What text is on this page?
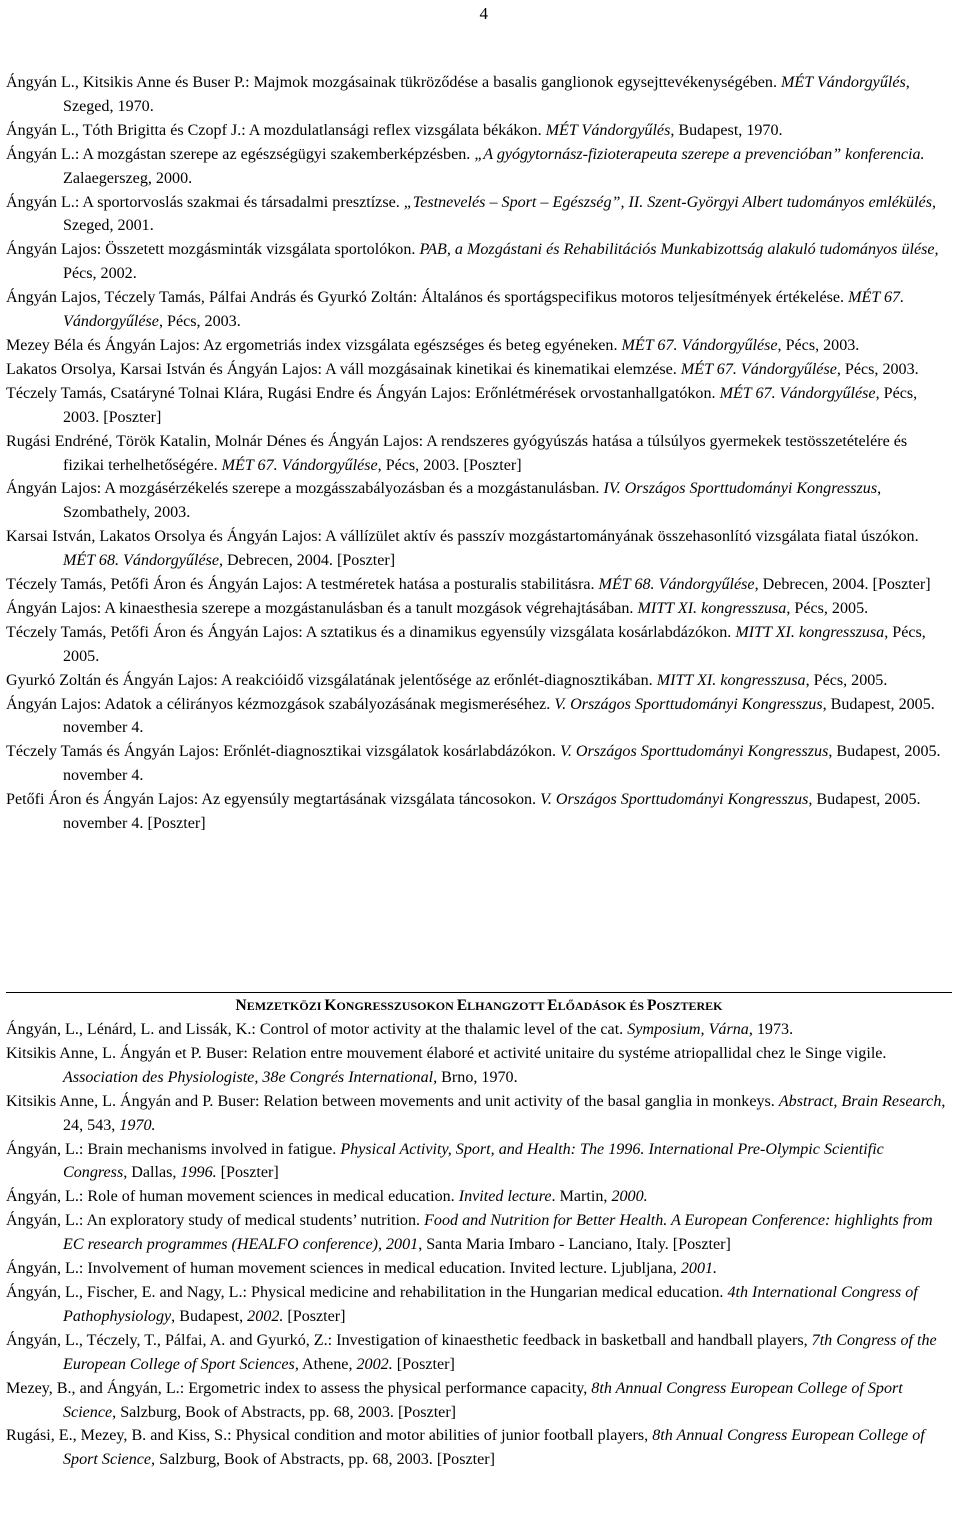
4

Ángyán L., Kitsikis Anne és Buser P.: Majmok mozgásainak tükröződése a basalis ganglionok egysejttevékenységében. MÉT Vándorgyűlés, Szeged, 1970.

Ángyán L., Tóth Brigitta és Czopf J.: A mozdulatlansági reflex vizsgálata békákon. MÉT Vándorgyűlés, Budapest, 1970.

Ángyán L.: A mozgástan szerepe az egészségügyi szakemberképzésben. „A gyógytornász-fizioterapeuta szerepe a prevencióban” konferencia. Zalaegerszeg, 2000.

Ángyán L.: A sportorvoslás szakmai és társadalmi presztízse. „Testnevelés – Sport – Egészség”, II. Szent-Györgyi Albert tudományos emlékülés, Szeged, 2001.

Ángyán Lajos: Összetett mozgásminták vizsgálata sportolókon. PAB, a Mozgástani és Rehabilitációs Munkabizottság alakuló tudományos ülése, Pécs, 2002.

Ángyán Lajos, Téczely Tamás, Pálfai András és Gyurkó Zoltán: Általános és sportágspecifikus motoros teljesítmények értékelése. MÉT 67. Vándorgyűlése, Pécs, 2003.

Mezey Béla és Ángyán Lajos: Az ergometriás index vizsgálata egészséges és beteg egyéneken. MÉT 67. Vándorgyűlése, Pécs, 2003.

Lakatos Orsolya, Karsai István és Ángyán Lajos: A váll mozgásainak kinetikai és kinematikai elemzése. MÉT 67. Vándorgyűlése, Pécs, 2003.

Téczely Tamás, Csatáryné Tolnai Klára, Rugási Endre és Ángyán Lajos: Erőnlétmérések orvostanhallgatókon. MÉT 67. Vándorgyűlése, Pécs, 2003. [Poszter]

Rugási Endréné, Török Katalin, Molnár Dénes és Ángyán Lajos: A rendszeres gyógyúszás hatása a túlsúlyos gyermekek testösszetételére és fizikai terhelhetőségére. MÉT 67. Vándorgyűlése, Pécs, 2003. [Poszter]

Ángyán Lajos: A mozgásérzékelés szerepe a mozgásszabályozásban és a mozgástanulásban. IV. Országos Sporttudományi Kongresszus, Szombathely, 2003.

Karsai István, Lakatos Orsolya és Ángyán Lajos: A vállízület aktív és passzív mozgástartományának összehasonlító vizsgálata fiatal úszókon. MÉT 68. Vándorgyűlése, Debrecen, 2004. [Poszter]

Téczely Tamás, Petőfi Áron és Ángyán Lajos: A testméretek hatása a posturalis stabilitásra. MÉT 68. Vándorgyűlése, Debrecen, 2004. [Poszter]

Ángyán Lajos: A kinaesthesia szerepe a mozgástanulásban és a tanult mozgások végrehajtásában. MITT XI. kongresszusa, Pécs, 2005.

Téczely Tamás, Petőfi Áron és Ángyán Lajos: A sztatikus és a dinamikus egyensúly vizsgálata kosárlabdázókon. MITT XI. kongresszusa, Pécs, 2005.

Gyurkó Zoltán és Ángyán Lajos: A reakcióidő vizsgálatának jelentősége az erőnlét-diagnosztikában. MITT XI. kongresszusa, Pécs, 2005.

Ángyán Lajos: Adatok a célirányos kézmozgások szabályozásának megismeréséhez. V. Országos Sporttudományi Kongresszus, Budapest, 2005. november 4.

Téczely Tamás és Ángyán Lajos: Erőnlét-diagnosztikai vizsgálatok kosárlabdázókon. V. Országos Sporttudományi Kongresszus, Budapest, 2005. november 4.

Petőfi Áron és Ángyán Lajos: Az egyensúly megtartásának vizsgálata táncosokon. V. Országos Sporttudományi Kongresszus, Budapest, 2005. november 4. [Poszter]

NEMZETKÖZI KONGRESSZUSOKON ELHANGZOTT ELŐADÁSOK ÉS POSZTEREK

Ángyán, L., Lénárd, L. and Lissák, K.: Control of motor activity at the thalamic level of the cat. Symposium, Várna, 1973.

Kitsikis Anne, L. Ángyán et P. Buser: Relation entre mouvement élaboré et activité unitaire du systéme atriopallidal chez le Singe vigile. Association des Physiologiste, 38e Congrés International, Brno, 1970.

Kitsikis Anne, L. Ángyán and P. Buser: Relation between movements and unit activity of the basal ganglia in monkeys. Abstract, Brain Research, 24, 543, 1970.

Ángyán, L.: Brain mechanisms involved in fatigue. Physical Activity, Sport, and Health: The 1996. International Pre-Olympic Scientific Congress, Dallas, 1996. [Poszter]

Ángyán, L.: Role of human movement sciences in medical education. Invited lecture. Martin, 2000.

Ángyán, L.: An exploratory study of medical students’ nutrition. Food and Nutrition for Better Health. A European Conference: highlights from EC research programmes (HEALFO conference), 2001, Santa Maria Imbaro - Lanciano, Italy. [Poszter]

Ángyán, L.: Involvement of human movement sciences in medical education. Invited lecture. Ljubljana, 2001.

Ángyán, L., Fischer, E. and Nagy, L.: Physical medicine and rehabilitation in the Hungarian medical education. 4th International Congress of Pathophysiology, Budapest, 2002. [Poszter]

Ángyán, L., Téczely, T., Pálfai, A. and Gyurkó, Z.: Investigation of kinaesthetic feedback in basketball and handball players, 7th Congress of the European College of Sport Sciences, Athene, 2002. [Poszter]

Mezey, B., and Ángyán, L.: Ergometric index to assess the physical performance capacity, 8th Annual Congress European College of Sport Science, Salzburg, Book of Abstracts, pp. 68, 2003. [Poszter]

Rugási, E., Mezey, B. and Kiss, S.: Physical condition and motor abilities of junior football players, 8th Annual Congress European College of Sport Science, Salzburg, Book of Abstracts, pp. 68, 2003. [Poszter]
